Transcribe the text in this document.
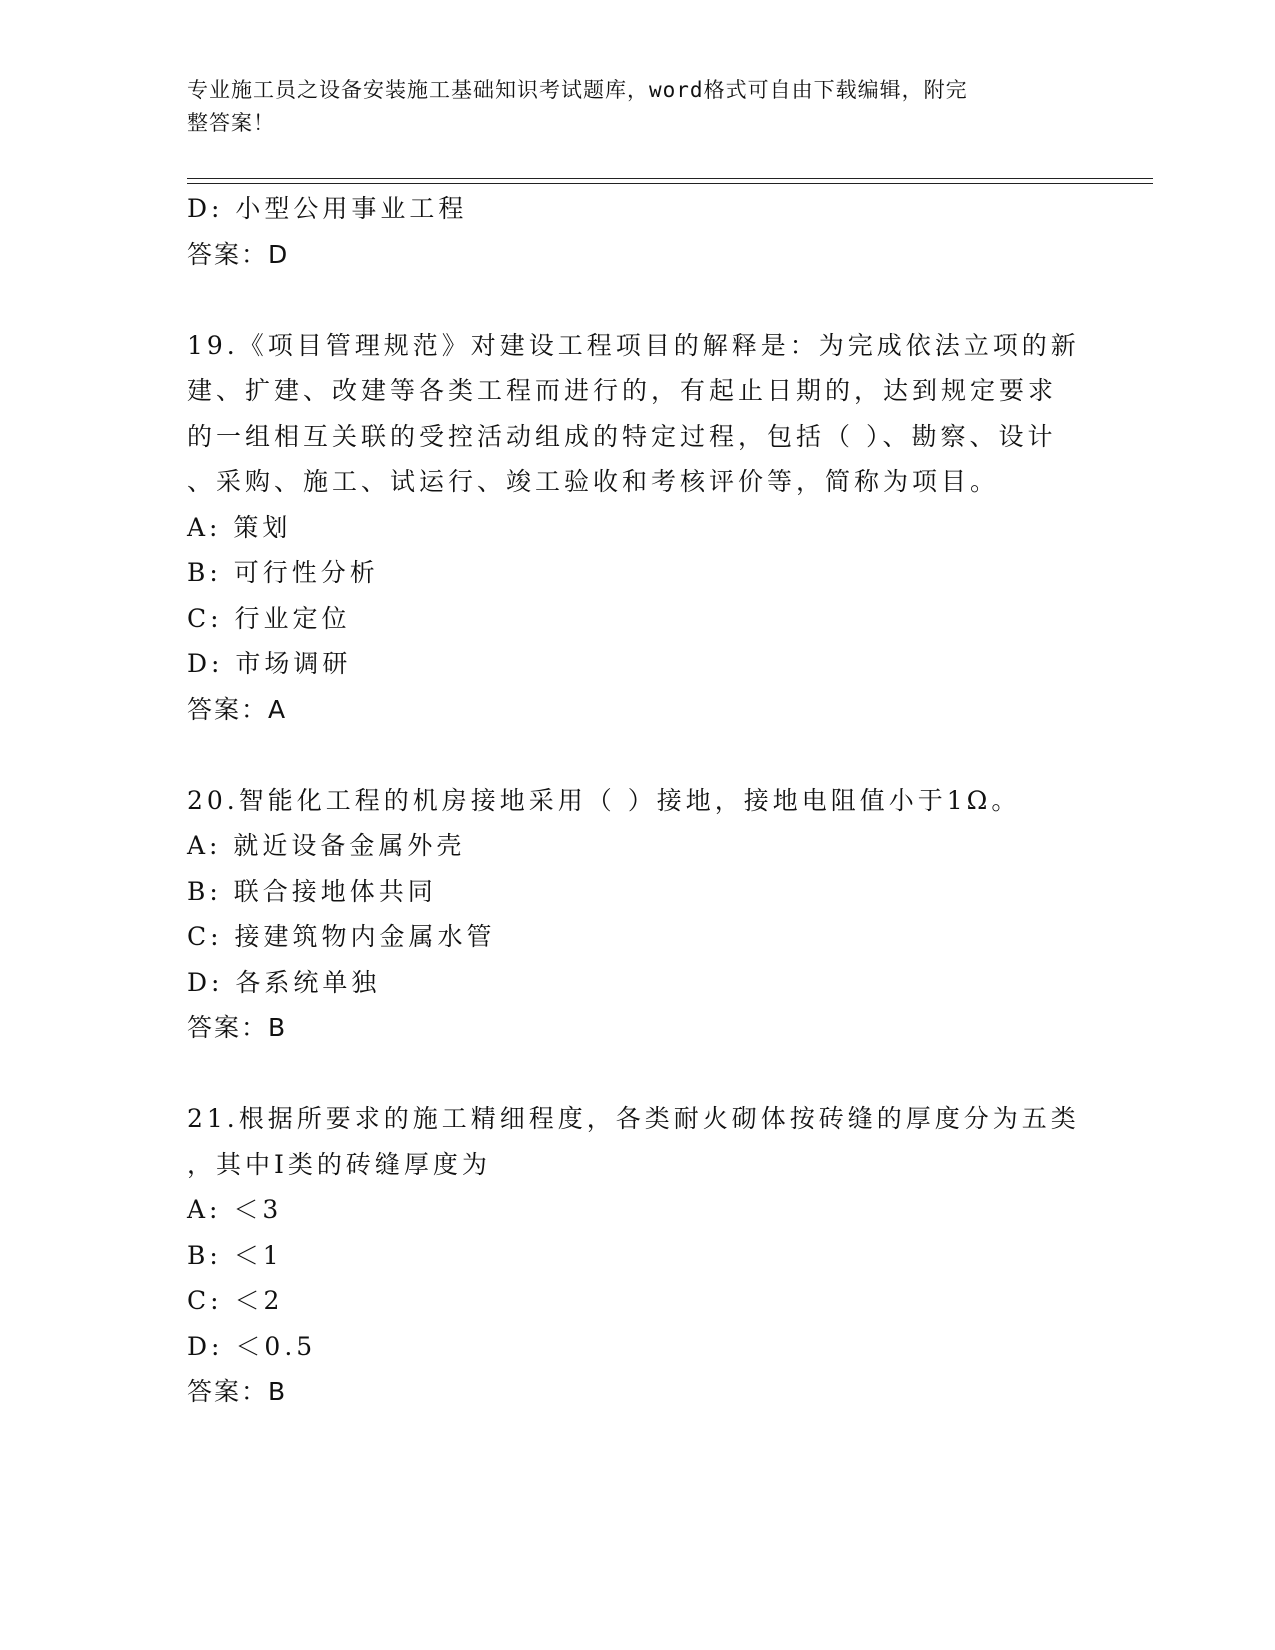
专业施工员之设备安装施工基础知识考试题库，word格式可自由下载编辑，附完
整答案！
D: 小型公用事业工程
答案：D
19.《项目管理规范》对建设工程项目的解释是：为完成依法立项的新
建、扩建、改建等各类工程而进行的，有起止日期的，达到规定要求
的一组相互关联的受控活动组成的特定过程，包括（ ）、勘察、设计
、采购、施工、试运行、竣工验收和考核评价等，简称为项目。
A: 策划
B: 可行性分析
C: 行业定位
D: 市场调研
答案：A
20.智能化工程的机房接地采用（ ）接地，接地电阻值小于1Ω。
A: 就近设备金属外壳
B: 联合接地体共同
C: 接建筑物内金属水管
D: 各系统单独
答案：B
21.根据所要求的施工精细程度，各类耐火砌体按砖缝的厚度分为五类
，其中Ⅰ类的砖缝厚度为
A: ＜3
B: ＜1
C: ＜2
D: ＜0.5
答案：B
